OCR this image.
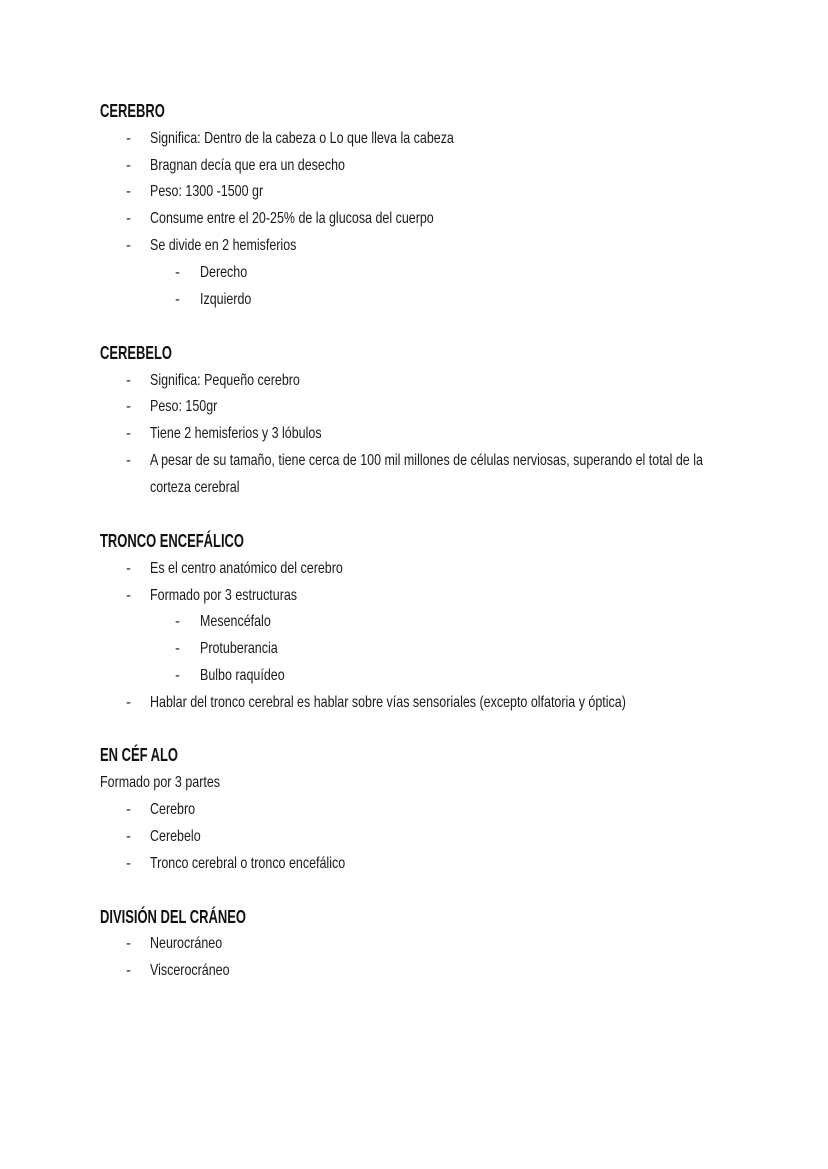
CEREBRO
- Significa: Dentro de la cabeza o Lo que lleva la cabeza
- Bragnan decía que era un desecho
- Peso: 1300 -1500 gr
- Consume entre el 20-25% de la glucosa del cuerpo
- Se divide en 2 hemisferios
- Derecho
- Izquierdo
CEREBELO
- Significa: Pequeño cerebro
- Peso: 150gr
- Tiene 2 hemisferios y 3 lóbulos
- A pesar de su tamaño, tiene cerca de 100 mil millones de células nerviosas, superando el total de la
corteza cerebral
TRONCO ENCEFÁLICO
- Es el centro anatómico del cerebro
- Formado por 3 estructuras
- Mesencéfalo
- Protuberancia
- Bulbo raquídeo
- Hablar del tronco cerebral es hablar sobre vías sensoriales (excepto olfatoria y óptica)
EN CÉF ALO
Formado por 3 partes
- Cerebro
- Cerebelo
- Tronco cerebral o tronco encefálico
DIVISIÓN DEL CRÁNEO
- Neurocráneo
- Viscerocráneo
